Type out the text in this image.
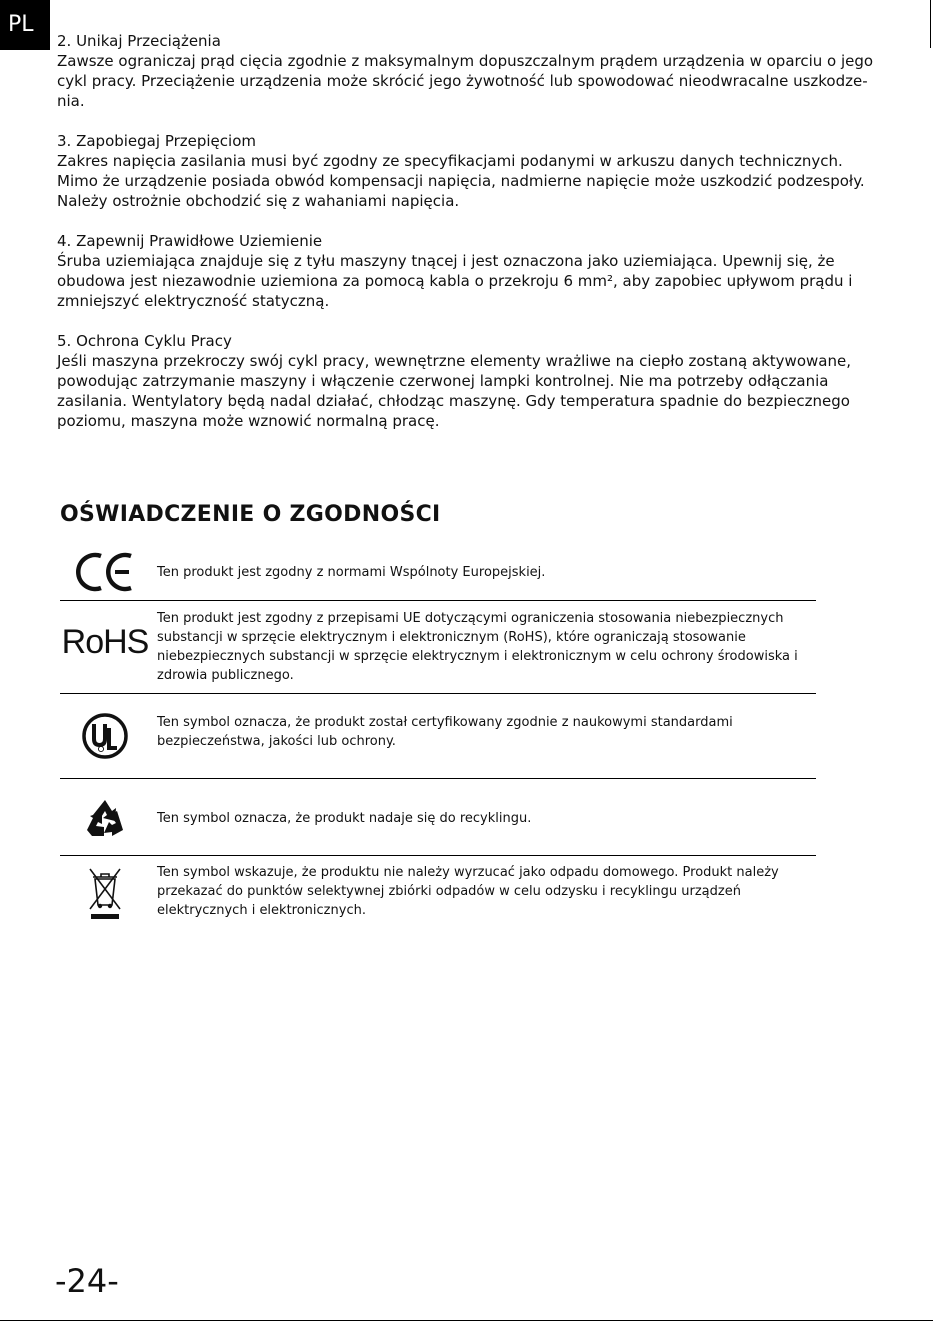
PL

2. Unikaj Przeciążenia

Zawsze ograniczaj prąd cięcia zgodnie z maksymalnym dopuszczalnym prądem urządzenia w oparciu o jego cykl pracy. Przeciążenie urządzenia może skrócić jego żywotność lub spowodować nieodwracalne uszkodze-nia.

3. Zapobiegaj Przepięciom

Zakres napięcia zasilania musi być zgodny ze specyfikacjami podanymi w arkuszu danych technicznych. Mimo że urządzenie posiada obwód kompensacji napięcia, nadmierne napięcie może uszkodzić podzespoły. Należy ostrożnie obchodzić się z wahaniami napięcia.

4. Zapewnij Prawidłowe Uziemienie

Śruba uziemiająca znajduje się z tyłu maszyny tnącej i jest oznaczona jako uziemiająca. Upewnij się, że obudowa jest niezawodnie uziemiona za pomocą kabla o przekroju 6 mm², aby zapobiec upływom prądu i zmniejszyć elektryczność statyczną.

5. Ochrona Cyklu Pracy

Jeśli maszyna przekroczy swój cykl pracy, wewnętrzne elementy wrażliwe na ciepło zostaną aktywowane, powodując zatrzymanie maszyny i włączenie czerwonej lampki kontrolnej. Nie ma potrzeby odłączania zasilania. Wentylatory będą nadal działać, chłodząc maszynę. Gdy temperatura spadnie do bezpiecznego poziomu, maszyna może wznowić normalną pracę.

OŚWIADCZENIE O ZGODNOŚCI
Ten produkt jest zgodny z normami Wspólnoty Europejskiej.
RoHS
Ten produkt jest zgodny z przepisami UE dotyczącymi ograniczenia stosowania niebezpiecznych substancji w sprzęcie elektrycznym i elektronicznym (RoHS), które ograniczają stosowanie niebezpiecznych substancji w sprzęcie elektrycznym i elektronicznym w celu ochrony środowiska i zdrowia publicznego.
Ten symbol oznacza, że produkt został certyfikowany zgodnie z naukowymi standardami bezpieczeństwa, jakości lub ochrony.
Ten symbol oznacza, że produkt nadaje się do recyklingu.
Ten symbol wskazuje, że produktu nie należy wyrzucać jako odpadu domowego. Produkt należy przekazać do punktów selektywnej zbiórki odpadów w celu odzysku i recyklingu urządzeń elektrycznych i elektronicznych.
-24-
